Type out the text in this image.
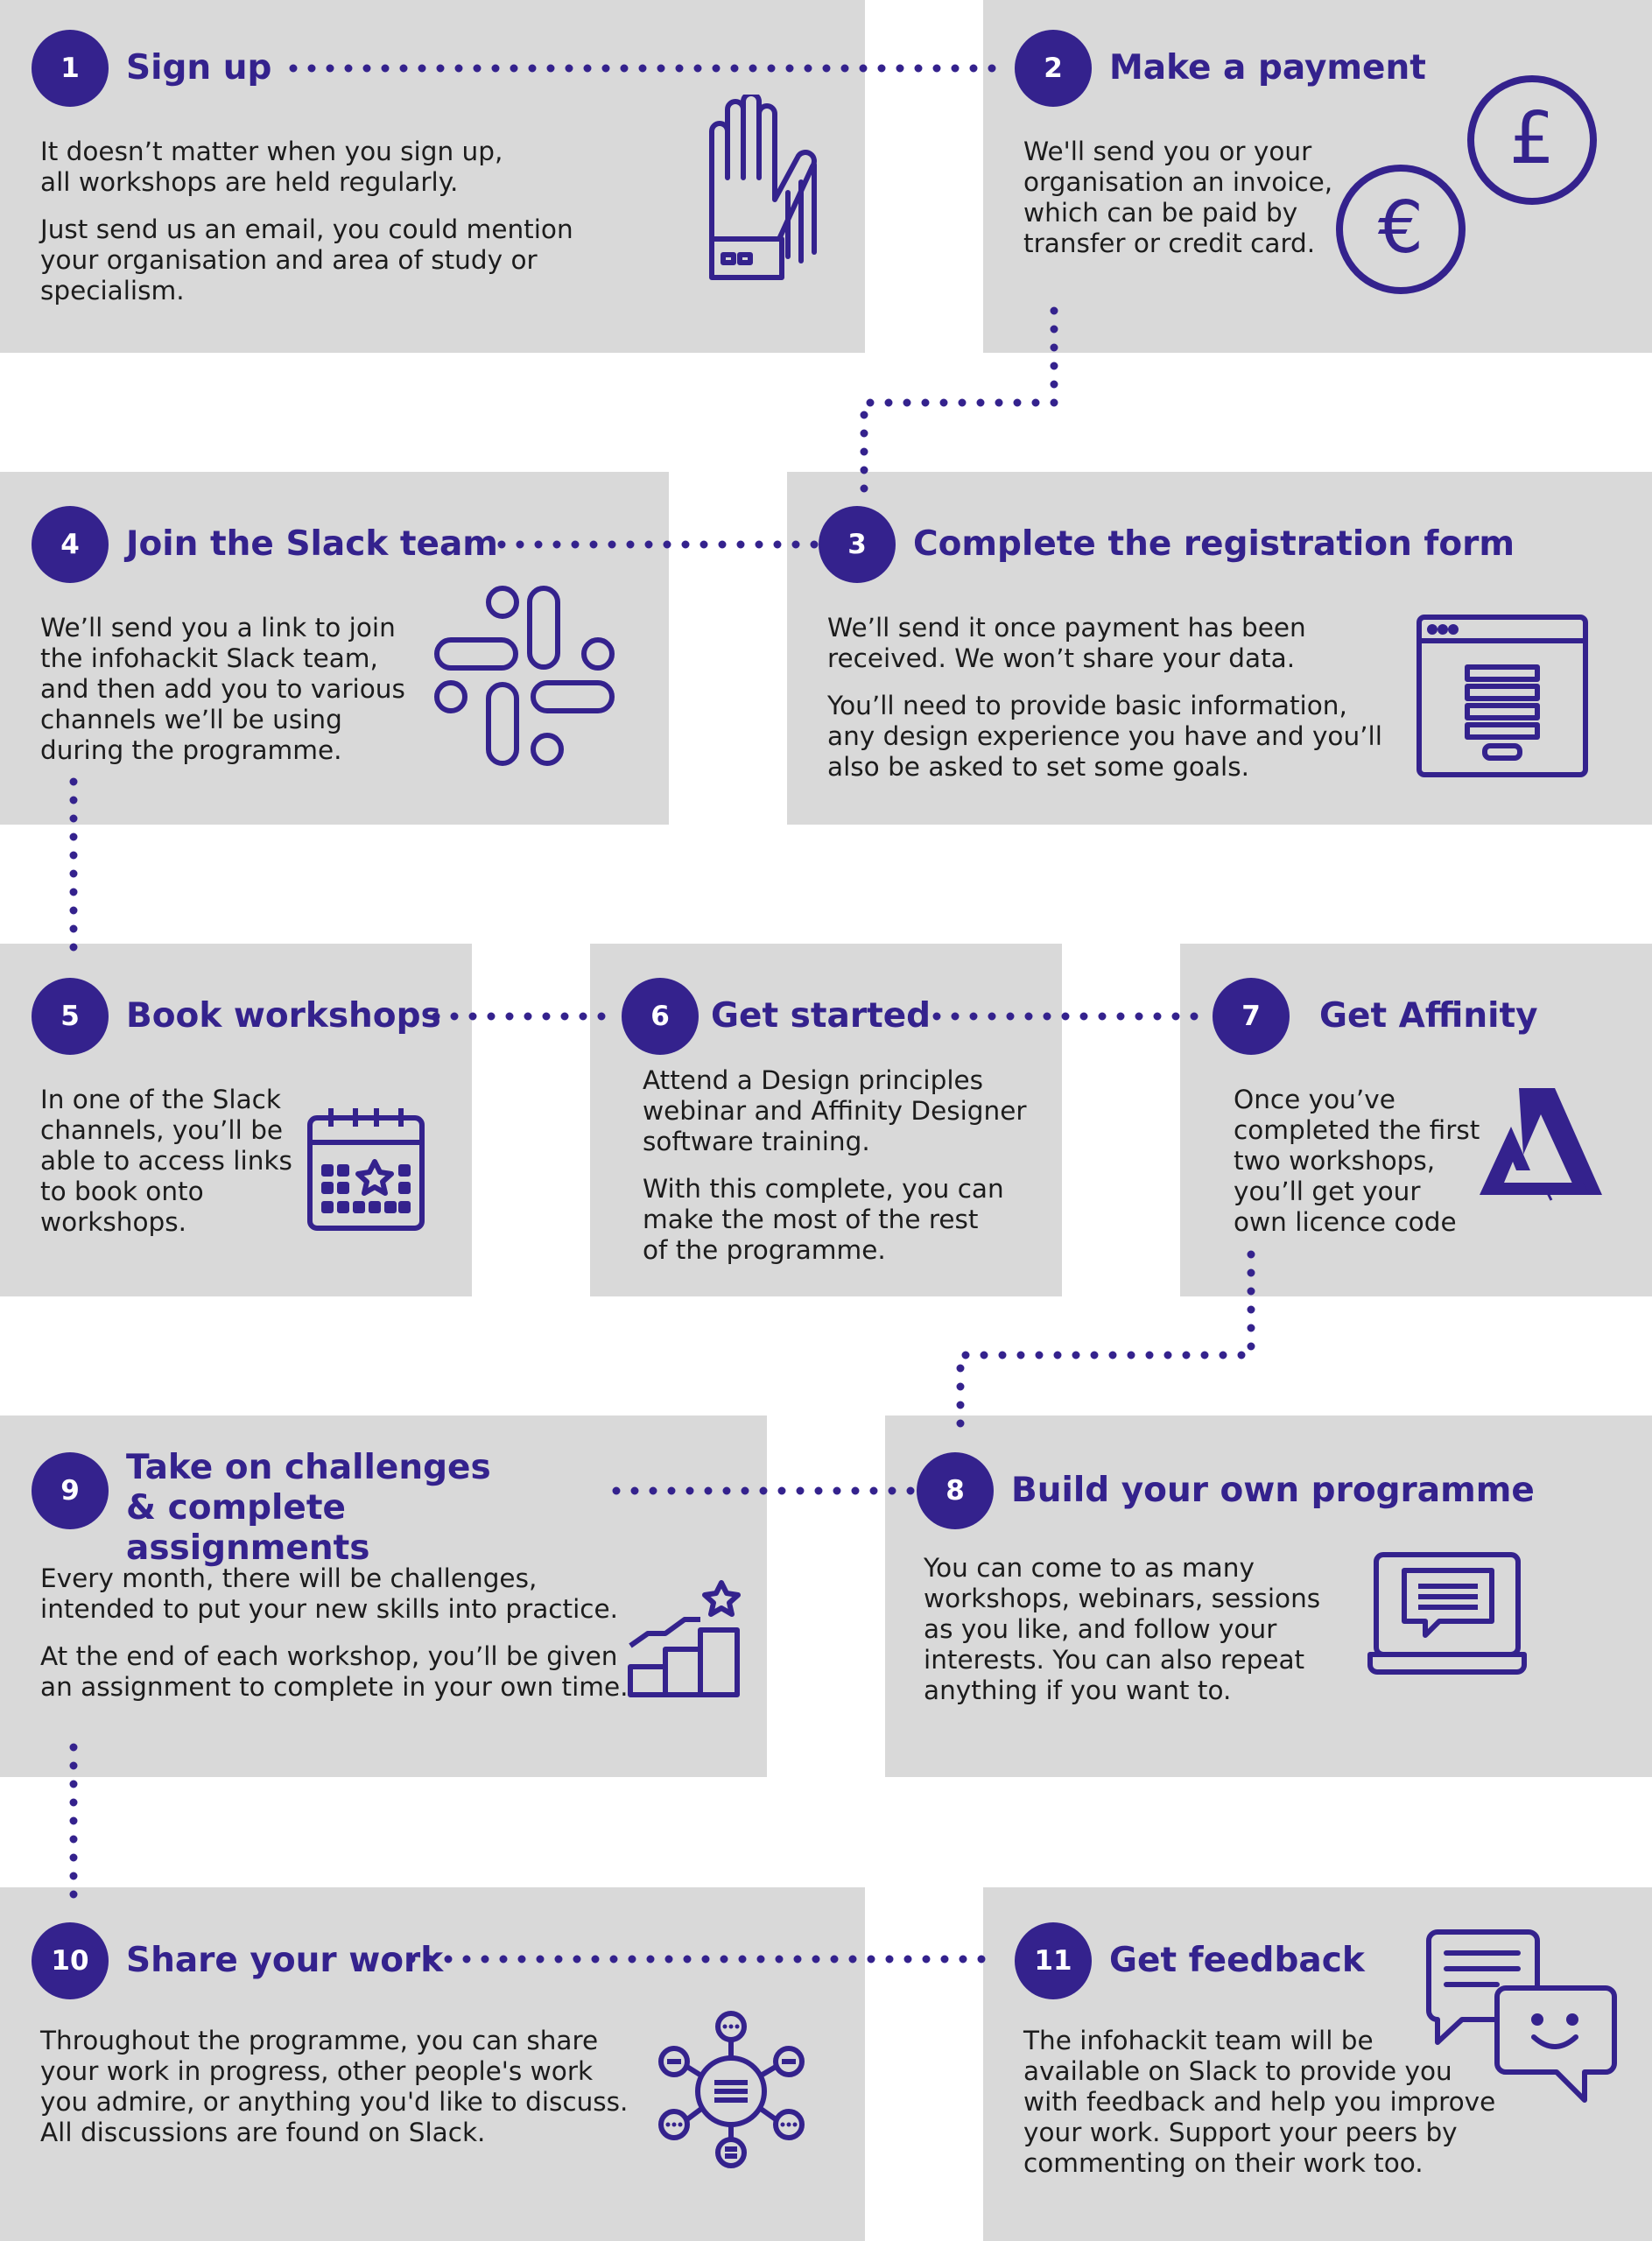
1	Sign up

It doesn’t matter when you sign up,
all workshops are held regularly.

Just send us an email, you could mention
your organisation and area of study or specialism.

2	Make a payment

We'll send you or your
organisation an invoice,
which can be paid by
transfer or credit card.

£
€
3	Complete the registration form

We’ll send it once payment has been
received. We won’t share your data.

You’ll need to provide basic information,
any design experience you have and you’ll
also be asked to set some goals.

4	Join the Slack team

We’ll send you a link to join
the infohackit Slack team,
and then add you to various
channels we’ll be using
during the programme.

5	Book workshops

In one of the Slack
channels, you’ll be
able to access links
to book onto
workshops.

6	Get started

Attend a Design principles
webinar and Affinity Designer
software training.

With this complete, you can
make the most of the rest
of the programme.

7	Get Affinity

Once you’ve
completed the first
two workshops,
you’ll get your
own licence code

8	Build your own programme

You can come to as many
workshops, webinars, sessions
as you like, and follow your
interests. You can also repeat
anything if you want to.

9
Take on challenges
& complete assignments

Every month, there will be challenges,
intended to put your new skills into practice.

At the end of each workshop, you’ll be given
an assignment to complete in your own time.

10	Share your work

Throughout the programme, you can share
your work in progress, other people's work
you admire, or anything you'd like to discuss.
All discussions are found on Slack.

11	Get feedback

The infohackit team will be
available on Slack to provide you
with feedback and help you improve
your work. Support your peers by
commenting on their work too.
